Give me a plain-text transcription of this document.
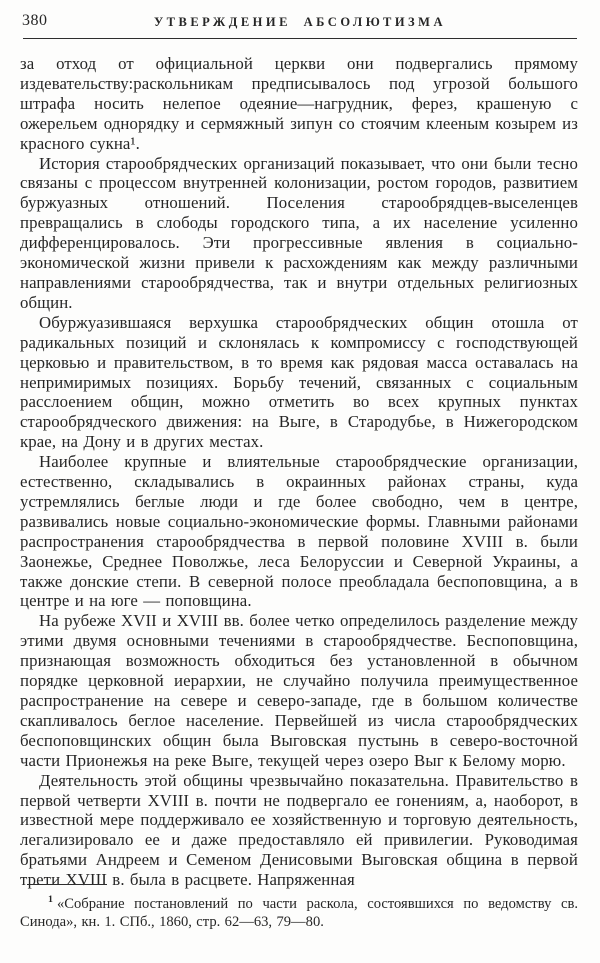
380	УТВЕРЖДЕНИЕ АБСОЛЮТИЗМА

за отход от официальной церкви они подвергались прямому издевательству:раскольникам предписывалось под угрозой большого штрафа носить нелепое одеяние—нагрудник, ферез, крашеную с ожерельем однорядку и сермяжный зипун со стоячим клееным козырем из красного сукна¹.

История старообрядческих организаций показывает, что они были тесно связаны с процессом внутренней колонизации, ростом городов, развитием буржуазных отношений. Поселения старообрядцев-выселенцев превращались в слободы городского типа, а их население усиленно дифференцировалось. Эти прогрессивные явления в социально-экономической жизни привели к расхождениям как между различными направлениями старообрядчества, так и внутри отдельных религиозных общин.

Обуржуазившаяся верхушка старообрядческих общин отошла от радикальных позиций и склонялась к компромиссу с господствующей церковью и правительством, в то время как рядовая масса оставалась на непримиримых позициях. Борьбу течений, связанных с социальным расслоением общин, можно отметить во всех крупных пунктах старообрядческого движения: на Выге, в Стародубье, в Нижегородском крае, на Дону и в других местах.

Наиболее крупные и влиятельные старообрядческие организации, естественно, складывались в окраинных районах страны, куда устремлялись беглые люди и где более свободно, чем в центре, развивались новые социально-экономические формы. Главными районами распространения старообрядчества в первой половине XVIII в. были Заонежье, Среднее Поволжье, леса Белоруссии и Северной Украины, а также донские степи. В северной полосе преобладала беспоповщина, а в центре и на юге — поповщина.

На рубеже XVII и XVIII вв. более четко определилось разделение между этими двумя основными течениями в старообрядчестве. Беспоповщина, признающая возможность обходиться без установленной в обычном порядке церковной иерархии, не случайно получила преимущественное распространение на севере и северо-западе, где в большом количестве скапливалось беглое население. Первейшей из числа старообрядческих беспоповщинских общин была Выговская пустынь в северо-восточной части Прионежья на реке Выге, текущей через озеро Выг к Белому морю.

Деятельность этой общины чрезвычайно показательна. Правительство в первой четверти XVIII в. почти не подвергало ее гонениям, а, наоборот, в известной мере поддерживало ее хозяйственную и торговую деятельность, легализировало ее и даже предоставляло ей привилегии. Руководимая братьями Андреем и Семеном Денисовыми Выговская община в первой трети XVIII в. была в расцвете. Напряженная

$^1$ «Собрание постановлений по части раскола, состоявшихся по ведомству св. Синода», кн. 1. СПб., 1860, стр. 62—63, 79—80.
